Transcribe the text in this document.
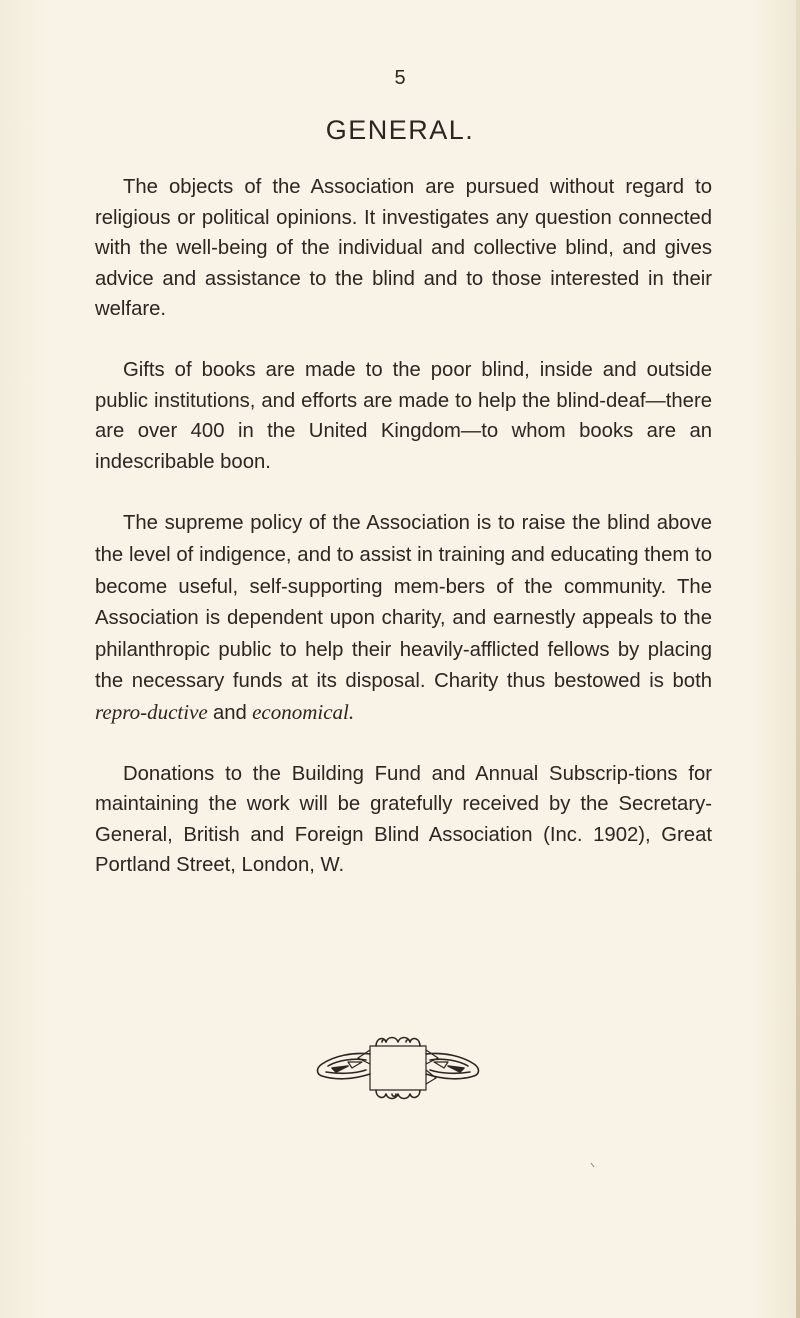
5
GENERAL.

The objects of the Association are pursued without regard to religious or political opinions. It investigates any question connected with the well-being of the individual and collective blind, and gives advice and assistance to the blind and to those interested in their welfare.

Gifts of books are made to the poor blind, inside and outside public institutions, and efforts are made to help the blind-deaf—there are over 400 in the United Kingdom—to whom books are an indescribable boon.

The supreme policy of the Association is to raise the blind above the level of indigence, and to assist in training and educating them to become useful, self-supporting mem-bers of the community. The Association is dependent upon charity, and earnestly appeals to the philanthropic public to help their heavily-afflicted fellows by placing the necessary funds at its disposal. Charity thus bestowed is both repro-ductive and economical.

Donations to the Building Fund and Annual Subscrip-tions for maintaining the work will be gratefully received by the Secretary-General, British and Foreign Blind Association (Inc. 1902), Great Portland Street, London, W.
